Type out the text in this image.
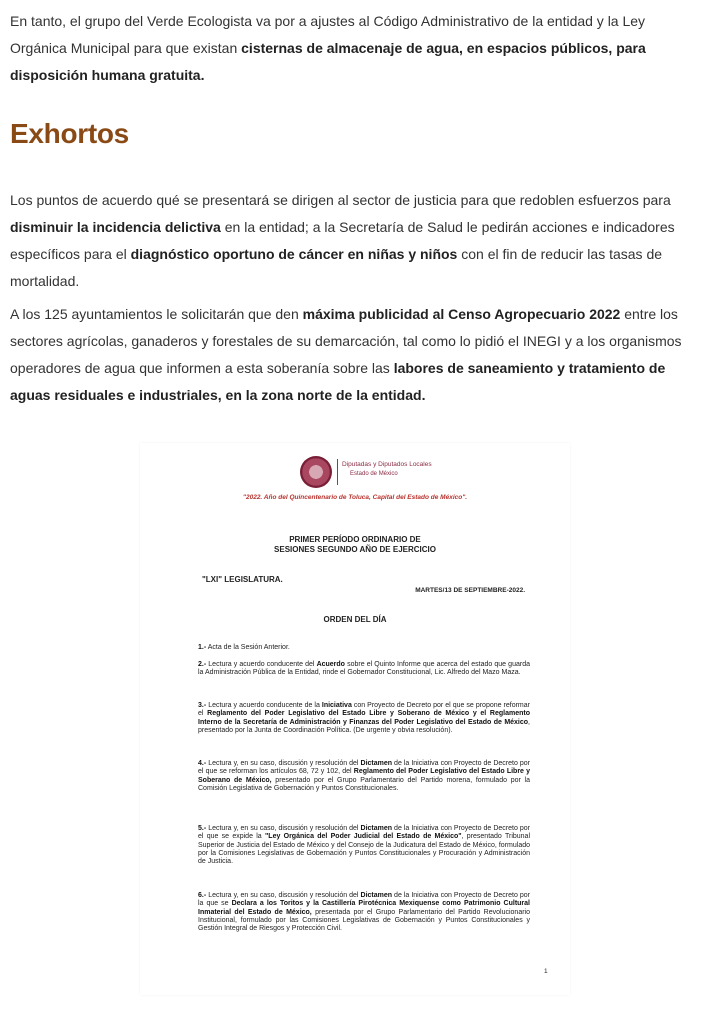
En tanto, el grupo del Verde Ecologista va por a ajustes al Código Administrativo de la entidad y la Ley Orgánica Municipal para que existan cisternas de almacenaje de agua, en espacios públicos, para disposición humana gratuita.

Exhortos

Los puntos de acuerdo qué se presentará se dirigen al sector de justicia para que redoblen esfuerzos para disminuir la incidencia delictiva en la entidad; a la Secretaría de Salud le pedirán acciones e indicadores específicos para el diagnóstico oportuno de cáncer en niñas y niños con el fin de reducir las tasas de mortalidad.

A los 125 ayuntamientos le solicitarán que den máxima publicidad al Censo Agropecuario 2022 entre los sectores agrícolas, ganaderos y forestales de su demarcación, tal como lo pidió el INEGI y a los organismos operadores de agua que informen a esta soberanía sobre las labores de saneamiento y tratamiento de aguas residuales e industriales, en la zona norte de la entidad.

Diputadas y Diputados Locales
Estado de México
"2022. Año del Quincentenario de Toluca, Capital del Estado de México".
PRIMER PERÍODO ORDINARIO DE
SESIONES SEGUNDO AÑO DE EJERCICIO
"LXI" LEGISLATURA.
MARTES/13 DE SEPTIEMBRE-2022.
ORDEN DEL DÍA
1.- Acta de la Sesión Anterior.
2.- Lectura y acuerdo conducente del Acuerdo sobre el Quinto Informe que acerca del estado que guarda la Administración Pública de la Entidad, rinde el Gobernador Constitucional, Lic. Alfredo del Mazo Maza.
3.- Lectura y acuerdo conducente de la Iniciativa con Proyecto de Decreto por el que se propone reformar el Reglamento del Poder Legislativo del Estado Libre y Soberano de México y el Reglamento Interno de la Secretaría de Administración y Finanzas del Poder Legislativo del Estado de México, presentado por la Junta de Coordinación Política. (De urgente y obvia resolución).
4.- Lectura y, en su caso, discusión y resolución del Dictamen de la Iniciativa con Proyecto de Decreto por el que se reforman los artículos 68, 72 y 102, del Reglamento del Poder Legislativo del Estado Libre y Soberano de México, presentado por el Grupo Parlamentario del Partido morena, formulado por la Comisión Legislativa de Gobernación y Puntos Constitucionales.
5.- Lectura y, en su caso, discusión y resolución del Dictamen de la Iniciativa con Proyecto de Decreto por el que se expide la "Ley Orgánica del Poder Judicial del Estado de México", presentado Tribunal Superior de Justicia del Estado de México y del Consejo de la Judicatura del Estado de México, formulado por la Comisiones Legislativas de Gobernación y Puntos Constitucionales y Procuración y Administración de Justicia.
6.- Lectura y, en su caso, discusión y resolución del Dictamen de la Iniciativa con Proyecto de Decreto por la que se Declara a los Toritos y la Castillería Pirotécnica Mexiquense como Patrimonio Cultural Inmaterial del Estado de México, presentada por el Grupo Parlamentario del Partido Revolucionario Institucional, formulado por las Comisiones Legislativas de Gobernación y Puntos Constitucionales y Gestión Integral de Riesgos y Protección Civil.
1
